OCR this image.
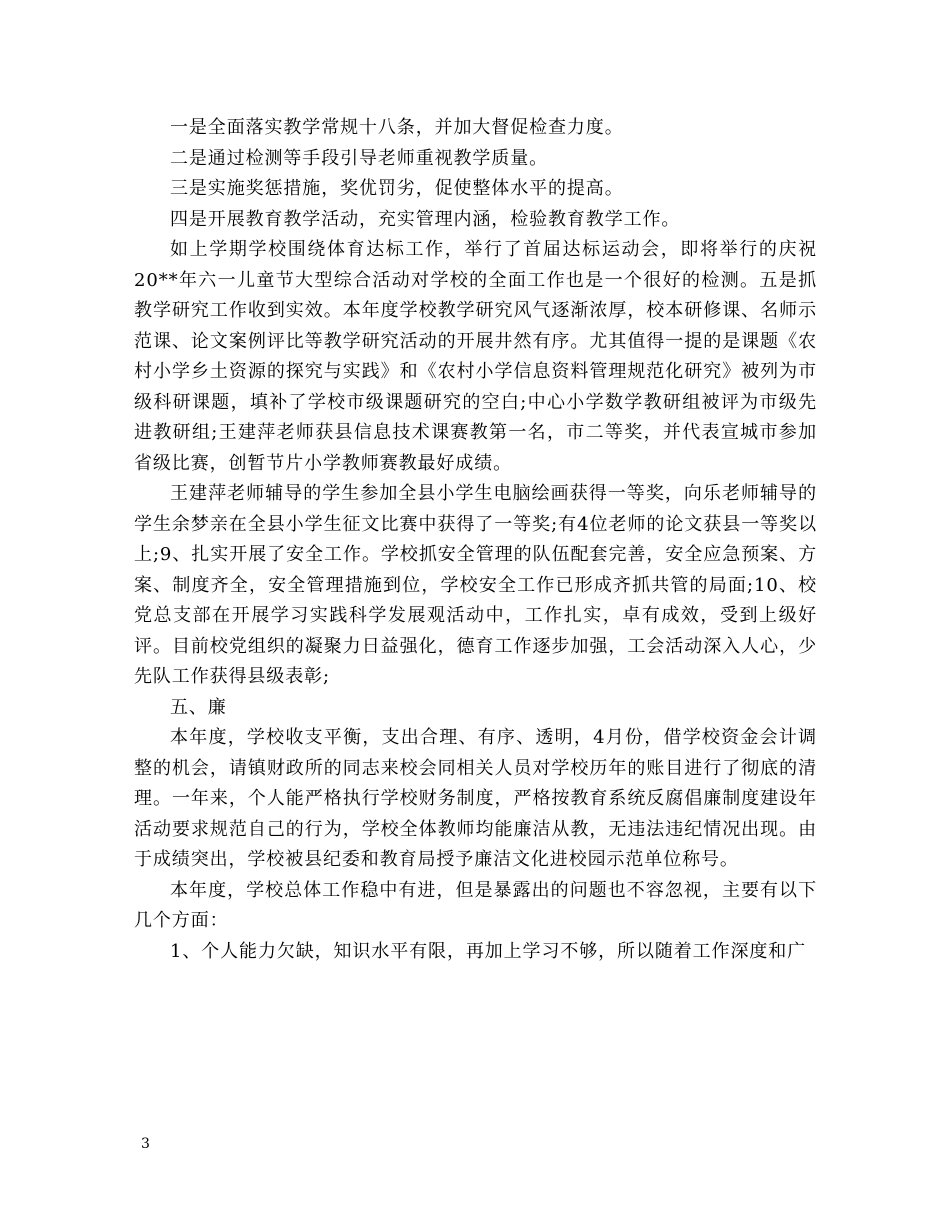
一是全面落实教学常规十八条，并加大督促检查力度。

二是通过检测等手段引导老师重视教学质量。

三是实施奖惩措施，奖优罚劣，促使整体水平的提高。

四是开展教育教学活动，充实管理内涵，检验教育教学工作。

如上学期学校围绕体育达标工作，举行了首届达标运动会，即将举行的庆祝20**年六一儿童节大型综合活动对学校的全面工作也是一个很好的检测。五是抓教学研究工作收到实效。本年度学校教学研究风气逐渐浓厚，校本研修课、名师示范课、论文案例评比等教学研究活动的开展井然有序。尤其值得一提的是课题《农村小学乡土资源的探究与实践》和《农村小学信息资料管理规范化研究》被列为市级科研课题，填补了学校市级课题研究的空白;中心小学数学教研组被评为市级先进教研组;王建萍老师获县信息技术课赛教第一名，市二等奖，并代表宣城市参加省级比赛，创暂节片小学教师赛教最好成绩。

王建萍老师辅导的学生参加全县小学生电脑绘画获得一等奖，向乐老师辅导的学生余梦亲在全县小学生征文比赛中获得了一等奖;有4位老师的论文获县一等奖以上;9、扎实开展了安全工作。学校抓安全管理的队伍配套完善，安全应急预案、方案、制度齐全，安全管理措施到位，学校安全工作已形成齐抓共管的局面;10、校党总支部在开展学习实践科学发展观活动中，工作扎实，卓有成效，受到上级好评。目前校党组织的凝聚力日益强化，德育工作逐步加强，工会活动深入人心，少先队工作获得县级表彰;

五、廉

本年度，学校收支平衡，支出合理、有序、透明，4月份，借学校资金会计调整的机会，请镇财政所的同志来校会同相关人员对学校历年的账目进行了彻底的清理。一年来，个人能严格执行学校财务制度，严格按教育系统反腐倡廉制度建设年活动要求规范自己的行为，学校全体教师均能廉洁从教，无违法违纪情况出现。由于成绩突出，学校被县纪委和教育局授予廉洁文化进校园示范单位称号。

本年度，学校总体工作稳中有进，但是暴露出的问题也不容忽视，主要有以下几个方面：

1、个人能力欠缺，知识水平有限，再加上学习不够，所以随着工作深度和广

3
